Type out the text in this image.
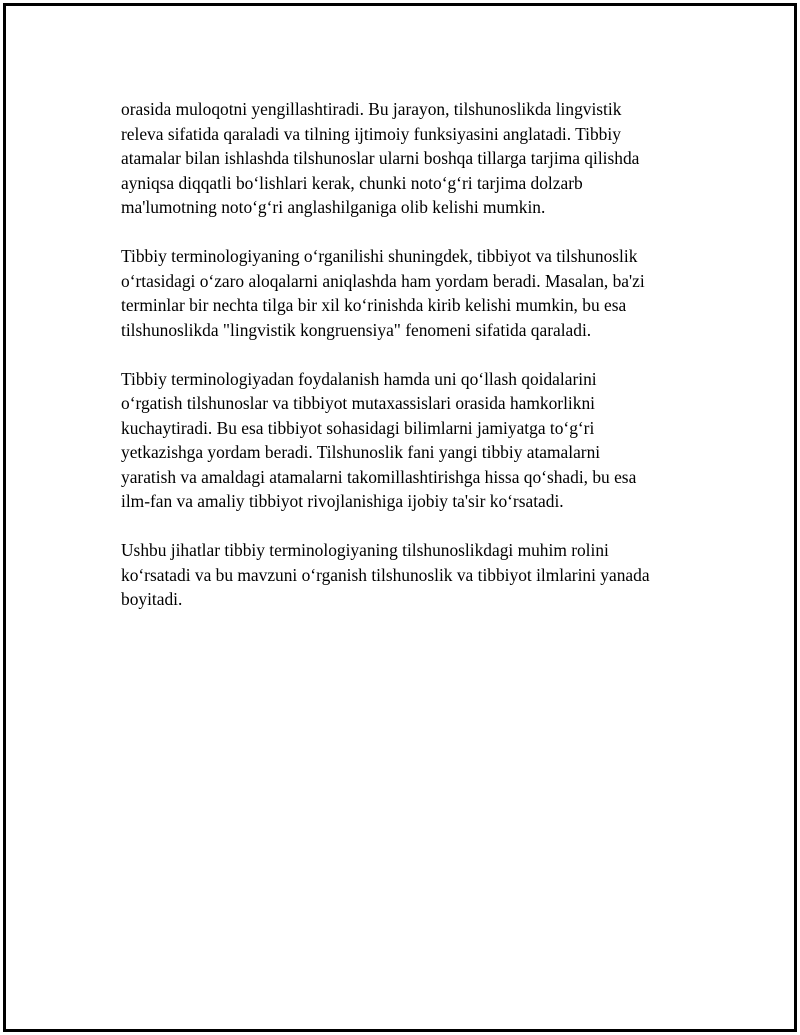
orasida muloqotni yengillashtiradi. Bu jarayon, tilshunoslikda lingvistik
releva sifatida qaraladi va tilning ijtimoiy funksiyasini anglatadi. Tibbiy
atamalar bilan ishlashda tilshunoslar ularni boshqa tillarga tarjima qilishda
ayniqsa diqqatli bo‘lishlari kerak, chunki noto‘g‘ri tarjima dolzarb
ma'lumotning noto‘g‘ri anglashilganiga olib kelishi mumkin.

Tibbiy terminologiyaning o‘rganilishi shuningdek, tibbiyot va tilshunoslik
o‘rtasidagi o‘zaro aloqalarni aniqlashda ham yordam beradi. Masalan, ba'zi
terminlar bir nechta tilga bir xil ko‘rinishda kirib kelishi mumkin, bu esa
tilshunoslikda "lingvistik kongruensiya" fenomeni sifatida qaraladi.

Tibbiy terminologiyadan foydalanish hamda uni qo‘llash qoidalarini
o‘rgatish tilshunoslar va tibbiyot mutaxassislari orasida hamkorlikni
kuchaytiradi. Bu esa tibbiyot sohasidagi bilimlarni jamiyatga to‘g‘ri
yetkazishga yordam beradi. Tilshunoslik fani yangi tibbiy atamalarni
yaratish va amaldagi atamalarni takomillashtirishga hissa qo‘shadi, bu esa
ilm-fan va amaliy tibbiyot rivojlanishiga ijobiy ta'sir ko‘rsatadi.

Ushbu jihatlar tibbiy terminologiyaning tilshunoslikdagi muhim rolini
ko‘rsatadi va bu mavzuni o‘rganish tilshunoslik va tibbiyot ilmlarini yanada
boyitadi.
